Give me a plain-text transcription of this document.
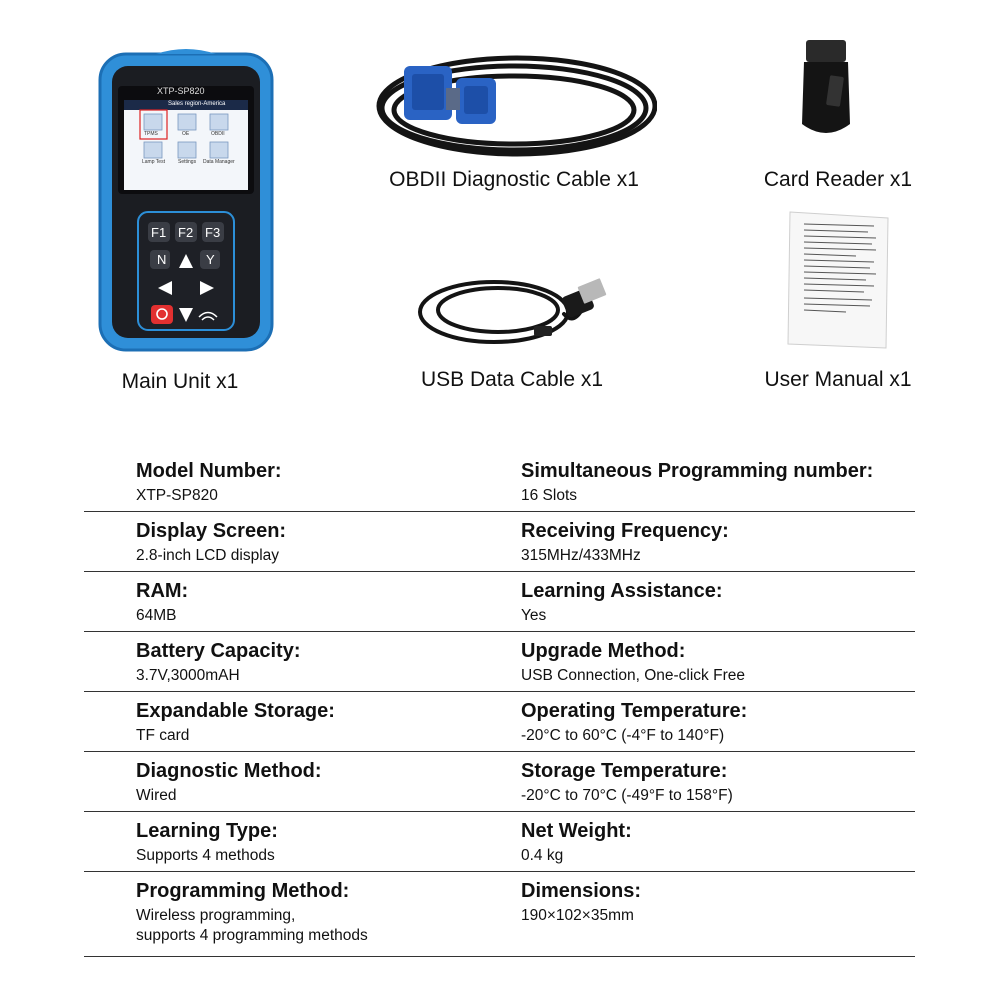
XTP-SP820
Sales region-America
TPMS	OE	OBDII
Lamp Test	Settings Data Manager
F1 F2 F3
N	Y
Main Unit x1
OBDII Diagnostic Cable x1	Card Reader x1
USB Data Cable x1	User Manual x1
Model Number:
XTP-SP820
Simultaneous Programming number:
16 Slots
Display Screen:
2.8-inch LCD display
Receiving Frequency:
315MHz/433MHz
RAM:
64MB
Learning Assistance:
Yes
Battery Capacity:
3.7V,3000mAH
Upgrade Method:
USB Connection, One-click Free
Expandable Storage:
TF card
Operating Temperature:
-20°C to 60°C (-4°F to 140°F)
Diagnostic Method:
Wired
Storage Temperature:
-20°C to 70°C (-49°F to 158°F)
Learning Type:
Supports 4 methods
Net Weight:
0.4 kg
Programming Method:
Wireless programming,
supports 4 programming methods
Dimensions:
190×102×35mm
